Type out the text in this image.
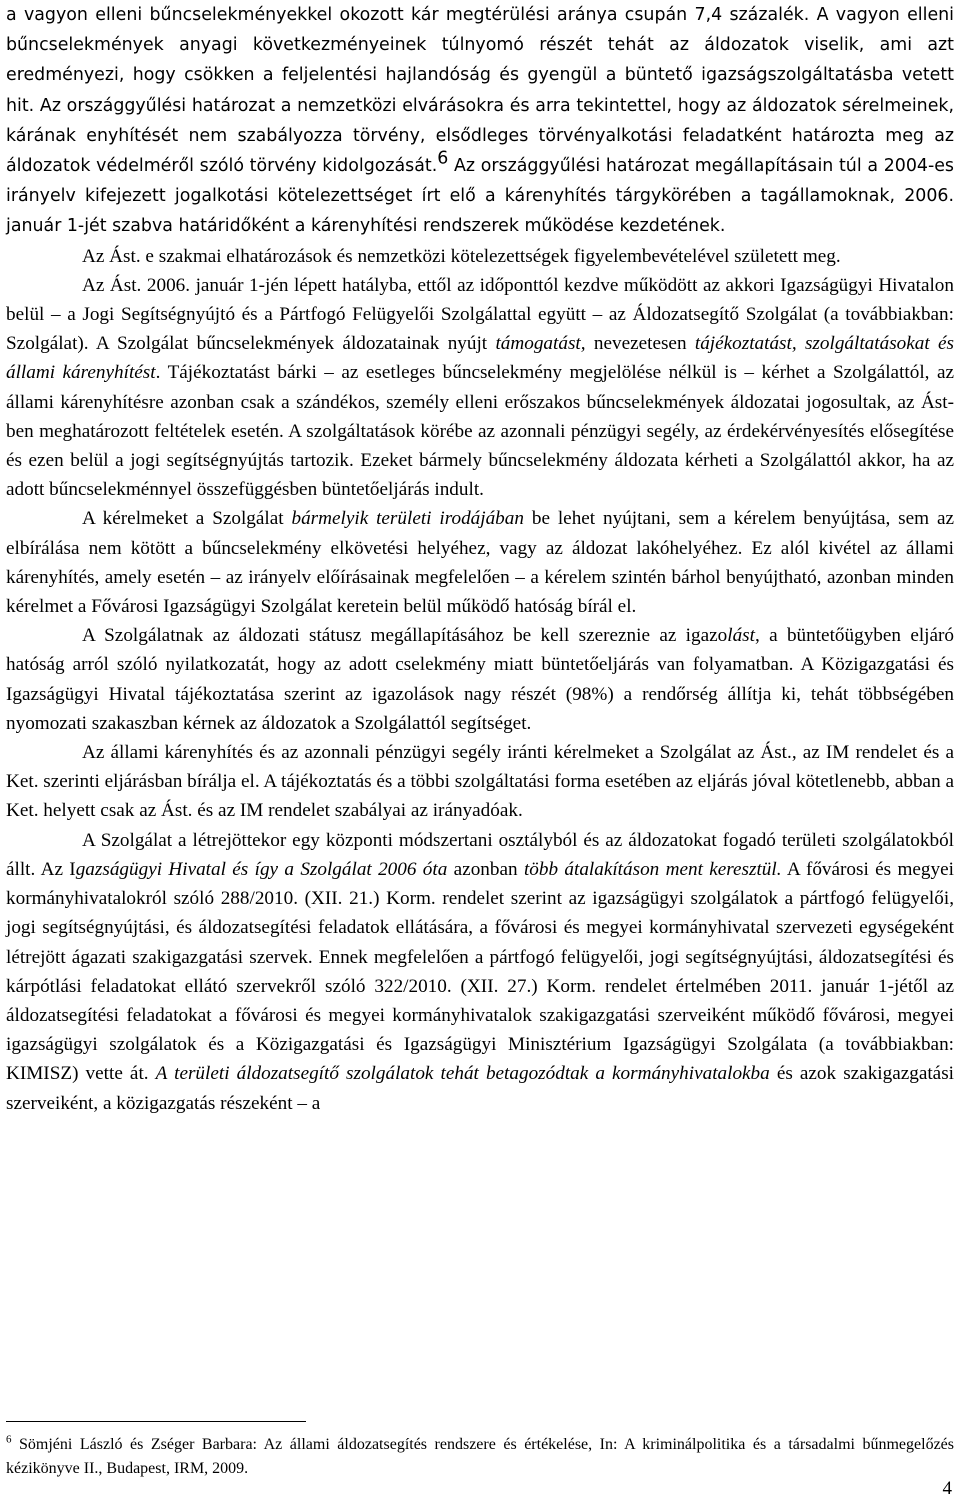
a vagyon elleni bűncselekményekkel okozott kár megtérülési aránya csupán 7,4 százalék. A vagyon elleni bűncselekmények anyagi következményeinek túlnyomó részét tehát az áldozatok viselik, ami azt eredményezi, hogy csökken a feljelentési hajlandóság és gyengül a büntető igazságszolgáltatásba vetett hit. Az országgyűlési határozat a nemzetközi elvárásokra és arra tekintettel, hogy az áldozatok sérelmeinek, kárának enyhítését nem szabályozza törvény, elsődleges törvényalkotási feladatként határozta meg az áldozatok védelméről szóló törvény kidolgozását.$^6$ Az országgyűlési határozat megállapításain túl a 2004-es irányelv kifejezett jogalkotási kötelezettséget írt elő a kárenyhítés tárgykörében a tagállamoknak, 2006. január 1-jét szabva határidőként a kárenyhítési rendszerek működése kezdetének.

Az Ást. e szakmai elhatározások és nemzetközi kötelezettségek figyelembevételével született meg.

Az Ást. 2006. január 1-jén lépett hatályba, ettől az időponttól kezdve működött az akkori Igazságügyi Hivatalon belül – a Jogi Segítségnyújtó és a Pártfogó Felügyelői Szolgálattal együtt – az Áldozatsegítő Szolgálat (a továbbiakban: Szolgálat). A Szolgálat bűncselekmények áldozatainak nyújt támogatást, nevezetesen tájékoztatást, szolgáltatásokat és állami kárenyhítést. Tájékoztatást bárki – az esetleges bűncselekmény megjelölése nélkül is – kérhet a Szolgálattól, az állami kárenyhítésre azonban csak a szándékos, személy elleni erőszakos bűncselekmények áldozatai jogosultak, az Ást-ben meghatározott feltételek esetén. A szolgáltatások körébe az azonnali pénzügyi segély, az érdekérvényesítés elősegítése és ezen belül a jogi segítségnyújtás tartozik. Ezeket bármely bűncselekmény áldozata kérheti a Szolgálattól akkor, ha az adott bűncselekménnyel összefüggésben büntetőeljárás indult.

A kérelmeket a Szolgálat bármelyik területi irodájában be lehet nyújtani, sem a kérelem benyújtása, sem az elbírálása nem kötött a bűncselekmény elkövetési helyéhez, vagy az áldozat lakóhelyéhez. Ez alól kivétel az állami kárenyhítés, amely esetén – az irányelv előírásainak megfelelően – a kérelem szintén bárhol benyújtható, azonban minden kérelmet a Fővárosi Igazságügyi Szolgálat keretein belül működő hatóság bírál el.

A Szolgálatnak az áldozati státusz megállapításához be kell szereznie az igazolást, a büntetőügyben eljáró hatóság arról szóló nyilatkozatát, hogy az adott cselekmény miatt büntetőeljárás van folyamatban. A Közigazgatási és Igazságügyi Hivatal tájékoztatása szerint az igazolások nagy részét (98%) a rendőrség állítja ki, tehát többségében nyomozati szakaszban kérnek az áldozatok a Szolgálattól segítséget.

Az állami kárenyhítés és az azonnali pénzügyi segély iránti kérelmeket a Szolgálat az Ást., az IM rendelet és a Ket. szerinti eljárásban bírálja el. A tájékoztatás és a többi szolgáltatási forma esetében az eljárás jóval kötetlenebb, abban a Ket. helyett csak az Ást. és az IM rendelet szabályai az irányadóak.

A Szolgálat a létrejöttekor egy központi módszertani osztályból és az áldozatokat fogadó területi szolgálatokból állt. Az Igazságügyi Hivatal és így a Szolgálat 2006 óta azonban több átalakításon ment keresztül. A fővárosi és megyei kormányhivatalokról szóló 288/2010. (XII. 21.) Korm. rendelet szerint az igazságügyi szolgálatok a pártfogó felügyelői, jogi segítségnyújtási, és áldozatsegítési feladatok ellátására, a fővárosi és megyei kormányhivatal szervezeti egységeként létrejött ágazati szakigazgatási szervek. Ennek megfelelően a pártfogó felügyelői, jogi segítségnyújtási, áldozatsegítési és kárpótlási feladatokat ellátó szervekről szóló 322/2010. (XII. 27.) Korm. rendelet értelmében 2011. január 1-jétől az áldozatsegítési feladatokat a fővárosi és megyei kormányhivatalok szakigazgatási szerveiként működő fővárosi, megyei igazságügyi szolgálatok és a Közigazgatási és Igazságügyi Minisztérium Igazságügyi Szolgálata (a továbbiakban: KIMISZ) vette át. A területi áldozatsegítő szolgálatok tehát betagozódtak a kormányhivatalokba és azok szakigazgatási szerveiként, a közigazgatás részeként – a

$^6$ Sömjéni László és Zséger Barbara: Az állami áldozatsegítés rendszere és értékelése, In: A kriminálpolitika és a társadalmi bűnmegelőzés kézikönyve II., Budapest, IRM, 2009.
4
